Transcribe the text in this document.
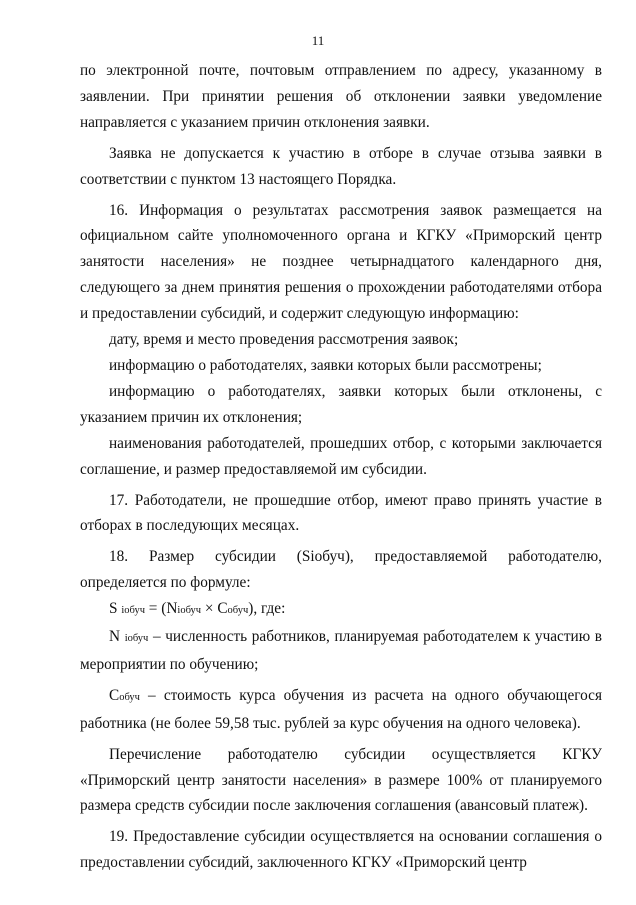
11

по электронной почте, почтовым отправлением по адресу, указанному в заявлении. При принятии решения об отклонении заявки уведомление направляется с указанием причин отклонения заявки.

Заявка не допускается к участию в отборе в случае отзыва заявки в соответствии с пунктом 13 настоящего Порядка.

16. Информация о результатах рассмотрения заявок размещается на официальном сайте уполномоченного органа и КГКУ «Приморский центр занятости населения» не позднее четырнадцатого календарного дня, следующего за днем принятия решения о прохождении работодателями отбора и предоставлении субсидий, и содержит следующую информацию:

дату, время и место проведения рассмотрения заявок;

информацию о работодателях, заявки которых были рассмотрены;

информацию о работодателях, заявки которых были отклонены, с указанием причин их отклонения;

наименования работодателей, прошедших отбор, с которыми заключается соглашение, и размер предоставляемой им субсидии.

17. Работодатели, не прошедшие отбор, имеют право принять участие в отборах в последующих месяцах.

18. Размер субсидии (Siобуч), предоставляемой работодателю, определяется по формуле:

S iобуч = (Niобуч × Cобуч), где:

N iобуч – численность работников, планируемая работодателем к участию в мероприятии по обучению;

Cобуч – стоимость курса обучения из расчета на одного обучающегося работника (не более 59,58 тыс. рублей за курс обучения на одного человека).

Перечисление работодателю субсидии осуществляется КГКУ «Приморский центр занятости населения» в размере 100% от планируемого размера средств субсидии после заключения соглашения (авансовый платеж).

19. Предоставление субсидии осуществляется на основании соглашения о предоставлении субсидий, заключенного КГКУ «Приморский центр
